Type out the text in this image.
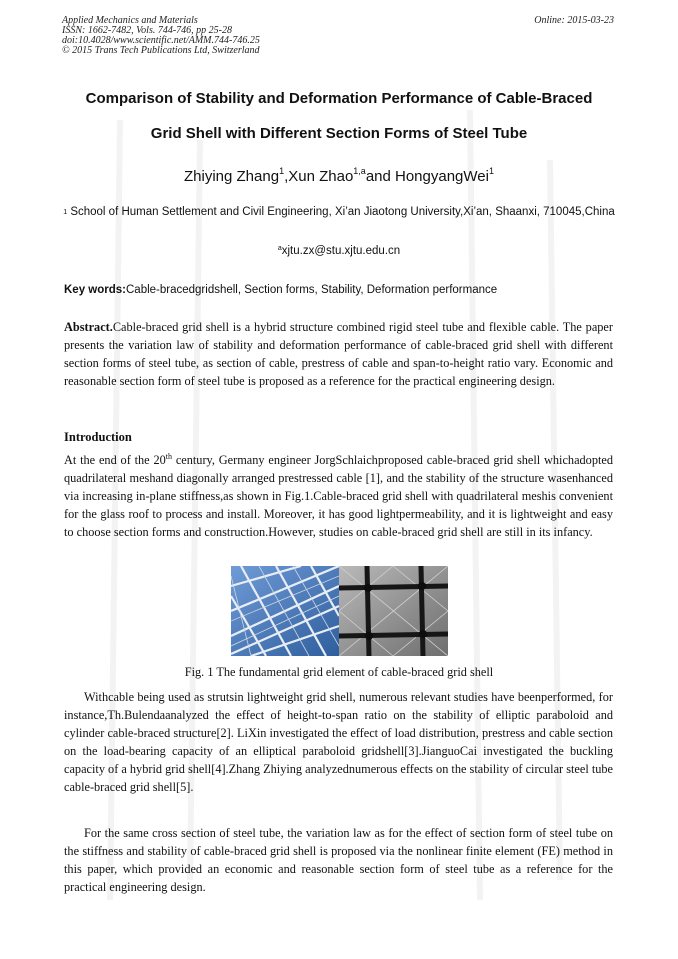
Applied Mechanics and Materials
ISSN: 1662-7482, Vols. 744-746, pp 25-28
doi:10.4028/www.scientific.net/AMM.744-746.25
© 2015 Trans Tech Publications Ltd, Switzerland
Online: 2015-03-23
Comparison of Stability and Deformation Performance of Cable-Braced
Grid Shell with Different Section Forms of Steel Tube
Zhiying Zhang$^1$,Xun Zhao$^{1,a}$and HongyangWei$^1$
$^1$ School of Human Settlement and Civil Engineering, Xi’an Jiaotong University,Xi’an, Shaanxi, 710045,China
$^a$xjtu.zx@stu.xjtu.edu.cn
Key words:Cable-bracedgridshell, Section forms, Stability, Deformation performance
Abstract.Cable-braced grid shell is a hybrid structure combined rigid steel tube and flexible cable. The paper presents the variation law of stability and deformation performance of cable-braced grid shell with different section forms of steel tube, as section of cable, prestress of cable and span-to-height ratio vary. Economic and reasonable section form of steel tube is proposed as a reference for the practical engineering design.
Introduction
At the end of the 20th century, Germany engineer JorgSchlaichproposed cable-braced grid shell whichadopted quadrilateral meshand diagonally arranged prestressed cable [1], and the stability of the structure wasenhanced via increasing in-plane stiffness,as shown in Fig.1.Cable-braced grid shell with quadrilateral meshis convenient for the glass roof to process and install. Moreover, it has good lightpermeability, and it is lightweight and easy to choose section forms and construction.However, studies on cable-braced grid shell are still in its infancy.
Fig. 1 The fundamental grid element of cable-braced grid shell
Withcable being used as strutsin lightweight grid shell, numerous relevant studies have beenperformed, for instance,Th.Bulendaanalyzed the effect of height-to-span ratio on the stability of elliptic paraboloid and cylinder cable-braced structure[2]. LiXin investigated the effect of load distribution, prestress and cable section on the load-bearing capacity of an elliptical paraboloid gridshell[3].JianguoCai investigated the buckling capacity of a hybrid grid shell[4].Zhang Zhiying analyzednumerous effects on the stability of circular steel tube cable-braced grid shell[5].
For the same cross section of steel tube, the variation law as for the effect of section form of steel tube on the stiffness and stability of cable-braced grid shell is proposed via the nonlinear finite element (FE) method in this paper, which provided an economic and reasonable section form of steel tube as a reference for the practical engineering design.
